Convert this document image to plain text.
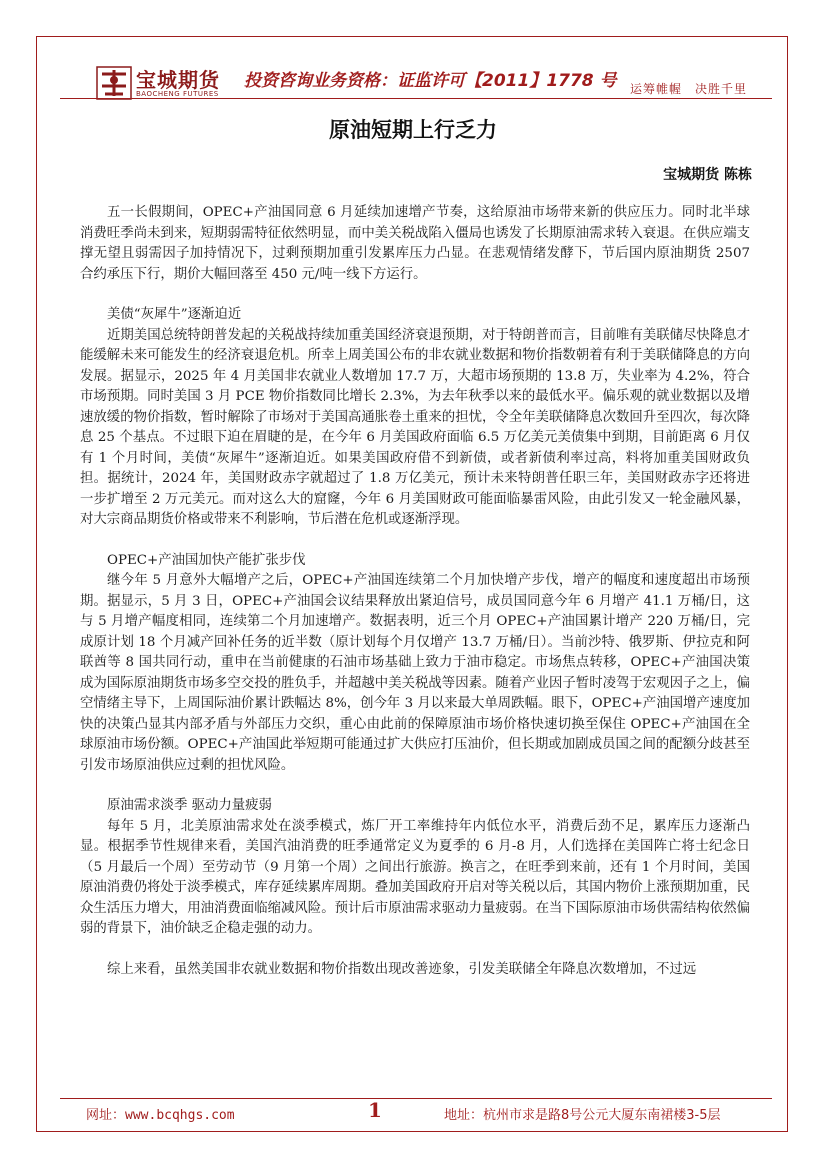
宝城期货
BAOCHENG FUTURES
投资咨询业务资格：证监许可【2011】1778 号 运筹帷幄　决胜千里
原油短期上行乏力
宝城期货 陈栋

五一长假期间，OPEC+产油国同意 6 月延续加速增产节奏，这给原油市场带来新的供应压力。同时北半球消费旺季尚未到来，短期弱需特征依然明显，而中美关税战陷入僵局也诱发了长期原油需求转入衰退。在供应端支撑无望且弱需因子加持情况下，过剩预期加重引发累库压力凸显。在悲观情绪发酵下，节后国内原油期货 2507 合约承压下行，期价大幅回落至 450 元/吨一线下方运行。

美债“灰犀牛”逐渐迫近

近期美国总统特朗普发起的关税战持续加重美国经济衰退预期，对于特朗普而言，目前唯有美联储尽快降息才能缓解未来可能发生的经济衰退危机。所幸上周美国公布的非农就业数据和物价指数朝着有利于美联储降息的方向发展。据显示，2025 年 4 月美国非农就业人数增加 17.7 万，大超市场预期的 13.8 万，失业率为 4.2%，符合市场预期。同时美国 3 月 PCE 物价指数同比增长 2.3%，为去年秋季以来的最低水平。偏乐观的就业数据以及增速放缓的物价指数，暂时解除了市场对于美国高通胀卷土重来的担忧，令全年美联储降息次数回升至四次，每次降息 25 个基点。不过眼下迫在眉睫的是，在今年 6 月美国政府面临 6.5 万亿美元美债集中到期，目前距离 6 月仅有 1 个月时间，美债“灰犀牛”逐渐迫近。如果美国政府借不到新债，或者新债利率过高，料将加重美国财政负担。据统计，2024 年，美国财政赤字就超过了 1.8 万亿美元，预计未来特朗普任职三年，美国财政赤字还将进一步扩增至 2 万元美元。而对这么大的窟窿，今年 6 月美国财政可能面临暴雷风险，由此引发又一轮金融风暴，对大宗商品期货价格或带来不利影响，节后潜在危机或逐渐浮现。

OPEC+产油国加快产能扩张步伐

继今年 5 月意外大幅增产之后，OPEC+产油国连续第二个月加快增产步伐，增产的幅度和速度超出市场预期。据显示，5 月 3 日，OPEC+产油国会议结果释放出紧迫信号，成员国同意今年 6 月增产 41.1 万桶/日，这与 5 月增产幅度相同，连续第二个月加速增产。数据表明，近三个月 OPEC+产油国累计增产 220 万桶/日，完成原计划 18 个月减产回补任务的近半数（原计划每个月仅增产 13.7 万桶/日）。当前沙特、俄罗斯、伊拉克和阿联酋等 8 国共同行动，重申在当前健康的石油市场基础上致力于油市稳定。市场焦点转移，OPEC+产油国决策成为国际原油期货市场多空交投的胜负手，并超越中美关税战等因素。随着产业因子暂时凌驾于宏观因子之上，偏空情绪主导下，上周国际油价累计跌幅达 8%，创今年 3 月以来最大单周跌幅。眼下，OPEC+产油国增产速度加快的决策凸显其内部矛盾与外部压力交织，重心由此前的保障原油市场价格快速切换至保住 OPEC+产油国在全球原油市场份额。OPEC+产油国此举短期可能通过扩大供应打压油价，但长期或加剧成员国之间的配额分歧甚至引发市场原油供应过剩的担忧风险。

原油需求淡季 驱动力量疲弱

每年 5 月，北美原油需求处在淡季模式，炼厂开工率维持年内低位水平，消费后劲不足，累库压力逐渐凸显。根据季节性规律来看，美国汽油消费的旺季通常定义为夏季的 6 月-8 月，人们选择在美国阵亡将士纪念日（5 月最后一个周）至劳动节（9 月第一个周）之间出行旅游。换言之，在旺季到来前，还有 1 个月时间，美国原油消费仍将处于淡季模式，库存延续累库周期。叠加美国政府开启对等关税以后，其国内物价上涨预期加重，民众生活压力增大，用油消费面临缩减风险。预计后市原油需求驱动力量疲弱。在当下国际原油市场供需结构依然偏弱的背景下，油价缺乏企稳走强的动力。

综上来看，虽然美国非农就业数据和物价指数出现改善迹象，引发美联储全年降息次数增加，不过远

网址：www.bcqhgs.com	1	地址：杭州市求是路8号公元大厦东南裙楼3-5层
